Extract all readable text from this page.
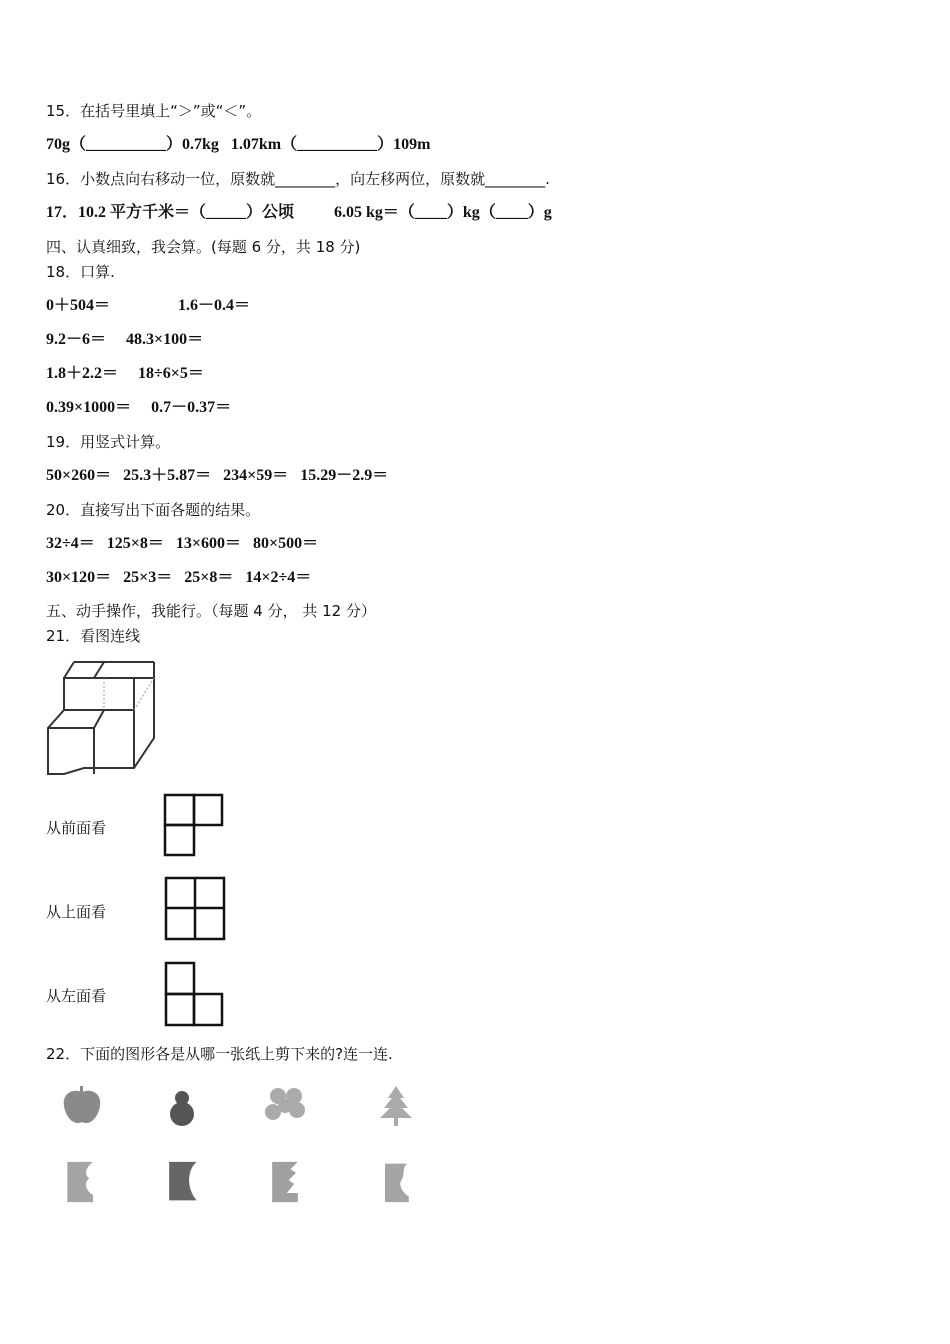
15．在括号里填上“＞”或“＜”。
70g（__________）0.7kg   1.07km（__________）109m
16．小数点向右移动一位，原数就________，向左移两位，原数就________.
17．10.2 平方千米＝（_____）公顷          6.05 kg＝（____）kg（____）g
四、认真细致，我会算。(每题 6 分，共 18 分)
18．口算.
0＋504＝                 1.6－0.4＝
9.2－6＝     48.3×100＝
1.8＋2.2＝     18÷6×5＝
0.39×1000＝     0.7－0.37＝
19．用竖式计算。
50×260＝   25.3＋5.87＝   234×59＝   15.29－2.9＝
20．直接写出下面各题的结果。
32÷4＝   125×8＝   13×600＝   80×500＝
30×120＝   25×3＝   25×8＝   14×2÷4＝
五、动手操作，我能行。（每题 4 分， 共 12 分）
21．看图连线
从前面看
从上面看
从左面看
22．下面的图形各是从哪一张纸上剪下来的?连一连.
